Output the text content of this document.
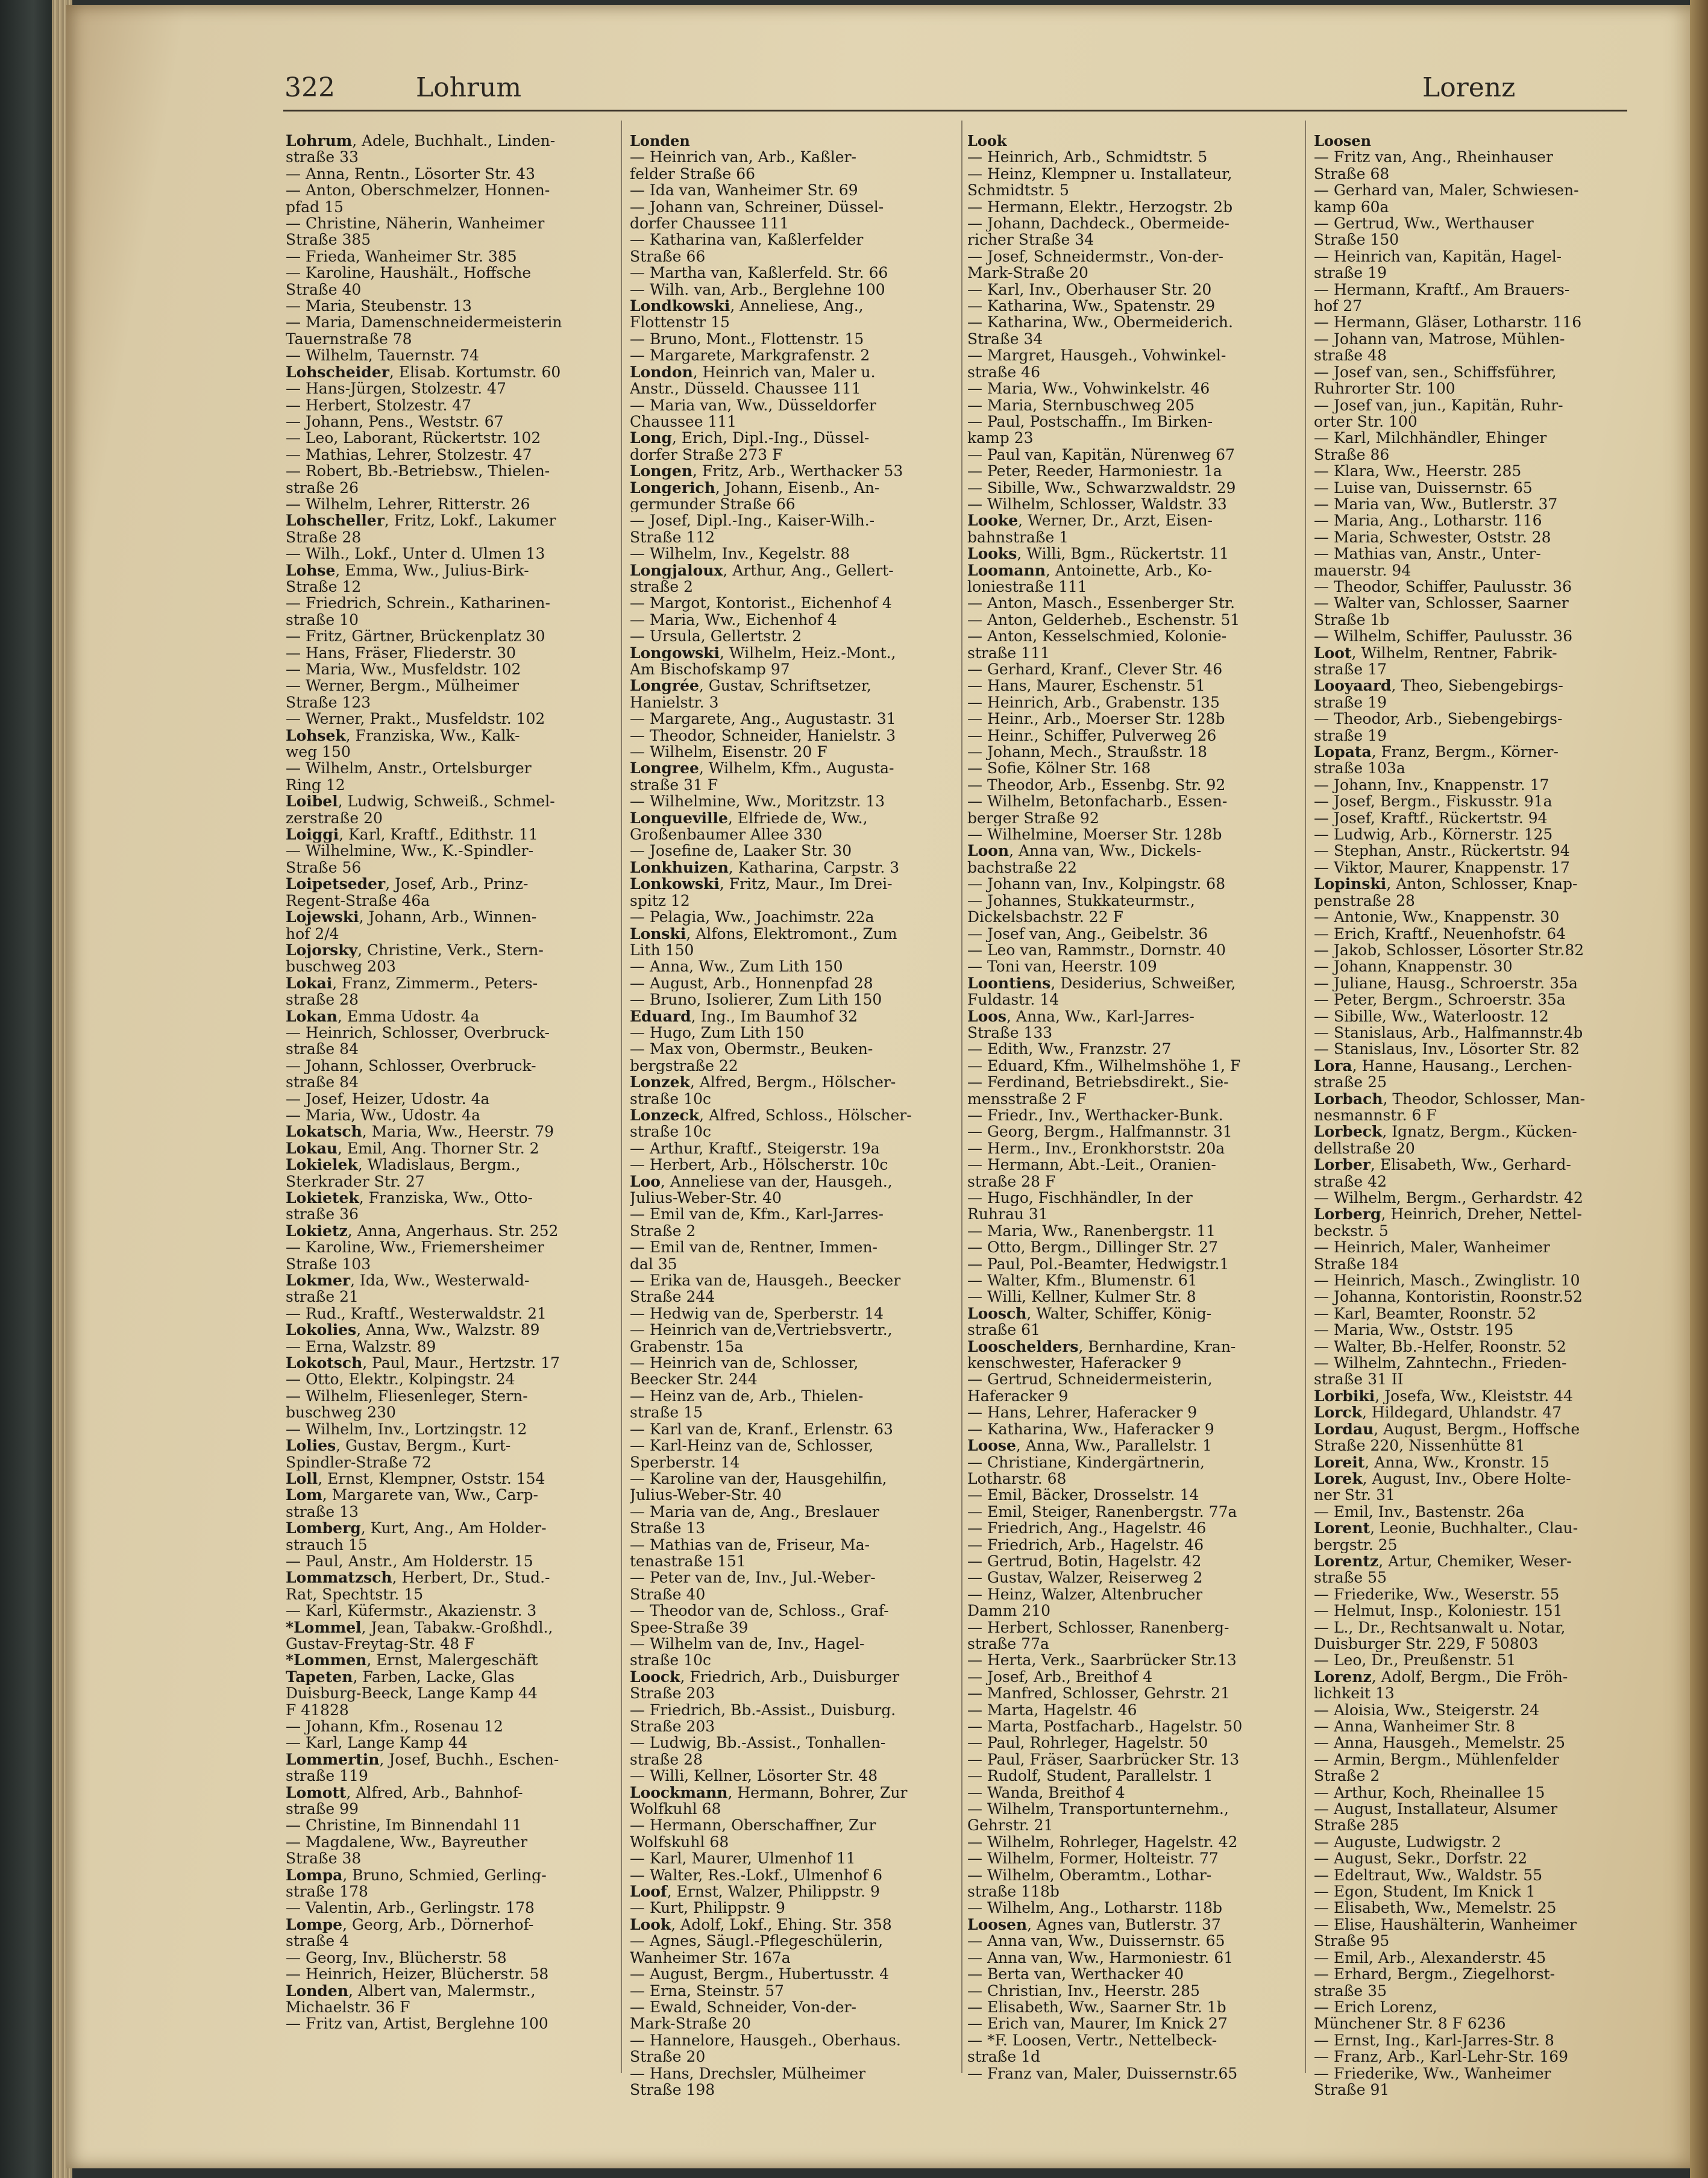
322	Lohrum	Lorenz
Lohrum, Adele, Buchhalt., Linden-
straße 33
— Anna, Rentn., Lösorter Str. 43
— Anton, Oberschmelzer, Honnen-
pfad 15
— Christine, Näherin, Wanheimer
Straße 385
— Frieda, Wanheimer Str. 385
— Karoline, Haushält., Hoffsche
Straße 40
— Maria, Steubenstr. 13
— Maria, Damenschneidermeisterin
Tauernstraße 78
— Wilhelm, Tauernstr. 74
Lohscheider, Elisab. Kortumstr. 60
— Hans-Jürgen, Stolzestr. 47
— Herbert, Stolzestr. 47
— Johann, Pens., Weststr. 67
— Leo, Laborant, Rückertstr. 102
— Mathias, Lehrer, Stolzestr. 47
— Robert, Bb.-Betriebsw., Thielen-
straße 26
— Wilhelm, Lehrer, Ritterstr. 26
Lohscheller, Fritz, Lokf., Lakumer
Straße 28
— Wilh., Lokf., Unter d. Ulmen 13
Lohse, Emma, Ww., Julius-Birk-
Straße 12
— Friedrich, Schrein., Katharinen-
straße 10
— Fritz, Gärtner, Brückenplatz 30
— Hans, Fräser, Fliederstr. 30
— Maria, Ww., Musfeldstr. 102
— Werner, Bergm., Mülheimer
Straße 123
— Werner, Prakt., Musfeldstr. 102
Lohsek, Franziska, Ww., Kalk-
weg 150
— Wilhelm, Anstr., Ortelsburger
Ring 12
Loibel, Ludwig, Schweiß., Schmel-
zerstraße 20
Loiggi, Karl, Kraftf., Edithstr. 11
— Wilhelmine, Ww., K.-Spindler-
Straße 56
Loipetseder, Josef, Arb., Prinz-
Regent-Straße 46a
Lojewski, Johann, Arb., Winnen-
hof 2/4
Lojorsky, Christine, Verk., Stern-
buschweg 203
Lokai, Franz, Zimmerm., Peters-
straße 28
Lokan, Emma Udostr. 4a
— Heinrich, Schlosser, Overbruck-
straße 84
— Johann, Schlosser, Overbruck-
straße 84
— Josef, Heizer, Udostr. 4a
— Maria, Ww., Udostr. 4a
Lokatsch, Maria, Ww., Heerstr. 79
Lokau, Emil, Ang. Thorner Str. 2
Lokielek, Wladislaus, Bergm.,
Sterkrader Str. 27
Lokietek, Franziska, Ww., Otto-
straße 36
Lokietz, Anna, Angerhaus. Str. 252
— Karoline, Ww., Friemersheimer
Straße 103
Lokmer, Ida, Ww., Westerwald-
straße 21
— Rud., Kraftf., Westerwaldstr. 21
Lokolies, Anna, Ww., Walzstr. 89
— Erna, Walzstr. 89
Lokotsch, Paul, Maur., Hertzstr. 17
— Otto, Elektr., Kolpingstr. 24
— Wilhelm, Fliesenleger, Stern-
buschweg 230
— Wilhelm, Inv., Lortzingstr. 12
Lolies, Gustav, Bergm., Kurt-
Spindler-Straße 72
Loll, Ernst, Klempner, Oststr. 154
Lom, Margarete van, Ww., Carp-
straße 13
Lomberg, Kurt, Ang., Am Holder-
strauch 15
— Paul, Anstr., Am Holderstr. 15
Lommatzsch, Herbert, Dr., Stud.-
Rat, Spechtstr. 15
— Karl, Küfermstr., Akazienstr. 3
*Lommel, Jean, Tabakw.-Großhdl.,
Gustav-Freytag-Str. 48 F
*Lommen, Ernst, Malergeschäft
Tapeten, Farben, Lacke, Glas
Duisburg-Beeck, Lange Kamp 44
F 41828
— Johann, Kfm., Rosenau 12
— Karl, Lange Kamp 44
Lommertin, Josef, Buchh., Eschen-
straße 119
Lomott, Alfred, Arb., Bahnhof-
straße 99
— Christine, Im Binnendahl 11
— Magdalene, Ww., Bayreuther
Straße 38
Lompa, Bruno, Schmied, Gerling-
straße 178
— Valentin, Arb., Gerlingstr. 178
Lompe, Georg, Arb., Dörnerhof-
straße 4
— Georg, Inv., Blücherstr. 58
— Heinrich, Heizer, Blücherstr. 58
Londen, Albert van, Malermstr.,
Michaelstr. 36 F
— Fritz van, Artist, Berglehne 100
Londen
— Heinrich van, Arb., Kaßler-
felder Straße 66
— Ida van, Wanheimer Str. 69
— Johann van, Schreiner, Düssel-
dorfer Chaussee 111
— Katharina van, Kaßlerfelder
Straße 66
— Martha van, Kaßlerfeld. Str. 66
— Wilh. van, Arb., Berglehne 100
Londkowski, Anneliese, Ang.,
Flottenstr 15
— Bruno, Mont., Flottenstr. 15
— Margarete, Markgrafenstr. 2
London, Heinrich van, Maler u.
Anstr., Düsseld. Chaussee 111
— Maria van, Ww., Düsseldorfer
Chaussee 111
Long, Erich, Dipl.-Ing., Düssel-
dorfer Straße 273 F
Longen, Fritz, Arb., Werthacker 53
Longerich, Johann, Eisenb., An-
germunder Straße 66
— Josef, Dipl.-Ing., Kaiser-Wilh.-
Straße 112
— Wilhelm, Inv., Kegelstr. 88
Longjaloux, Arthur, Ang., Gellert-
straße 2
— Margot, Kontorist., Eichenhof 4
— Maria, Ww., Eichenhof 4
— Ursula, Gellertstr. 2
Longowski, Wilhelm, Heiz.-Mont.,
Am Bischofskamp 97
Longrée, Gustav, Schriftsetzer,
Hanielstr. 3
— Margarete, Ang., Augustastr. 31
— Theodor, Schneider, Hanielstr. 3
— Wilhelm, Eisenstr. 20 F
Longree, Wilhelm, Kfm., Augusta-
straße 31 F
— Wilhelmine, Ww., Moritzstr. 13
Longueville, Elfriede de, Ww.,
Großenbaumer Allee 330
— Josefine de, Laaker Str. 30
Lonkhuizen, Katharina, Carpstr. 3
Lonkowski, Fritz, Maur., Im Drei-
spitz 12
— Pelagia, Ww., Joachimstr. 22a
Lonski, Alfons, Elektromont., Zum
Lith 150
— Anna, Ww., Zum Lith 150
— August, Arb., Honnenpfad 28
— Bruno, Isolierer, Zum Lith 150
Eduard, Ing., Im Baumhof 32
— Hugo, Zum Lith 150
— Max von, Obermstr., Beuken-
bergstraße 22
Lonzek, Alfred, Bergm., Hölscher-
straße 10c
Lonzeck, Alfred, Schloss., Hölscher-
straße 10c
— Arthur, Kraftf., Steigerstr. 19a
— Herbert, Arb., Hölscherstr. 10c
Loo, Anneliese van der, Hausgeh.,
Julius-Weber-Str. 40
— Emil van de, Kfm., Karl-Jarres-
Straße 2
— Emil van de, Rentner, Immen-
dal 35
— Erika van de, Hausgeh., Beecker
Straße 244
— Hedwig van de, Sperberstr. 14
— Heinrich van de,Vertriebsvertr.,
Grabenstr. 15a
— Heinrich van de, Schlosser,
Beecker Str. 244
— Heinz van de, Arb., Thielen-
straße 15
— Karl van de, Kranf., Erlenstr. 63
— Karl-Heinz van de, Schlosser,
Sperberstr. 14
— Karoline van der, Hausgehilfin,
Julius-Weber-Str. 40
— Maria van de, Ang., Breslauer
Straße 13
— Mathias van de, Friseur, Ma-
tenastraße 151
— Peter van de, Inv., Jul.-Weber-
Straße 40
— Theodor van de, Schloss., Graf-
Spee-Straße 39
— Wilhelm van de, Inv., Hagel-
straße 10c
Loock, Friedrich, Arb., Duisburger
Straße 203
— Friedrich, Bb.-Assist., Duisburg.
Straße 203
— Ludwig, Bb.-Assist., Tonhallen-
straße 28
— Willi, Kellner, Lösorter Str. 48
Loockmann, Hermann, Bohrer, Zur
Wolfkuhl 68
— Hermann, Oberschaffner, Zur
Wolfskuhl 68
— Karl, Maurer, Ulmenhof 11
— Walter, Res.-Lokf., Ulmenhof 6
Loof, Ernst, Walzer, Philippstr. 9
— Kurt, Philippstr. 9
Look, Adolf, Lokf., Ehing. Str. 358
— Agnes, Säugl.-Pflegeschülerin,
Wanheimer Str. 167a
— August, Bergm., Hubertusstr. 4
— Erna, Steinstr. 57
— Ewald, Schneider, Von-der-
Mark-Straße 20
— Hannelore, Hausgeh., Oberhaus.
Straße 20
— Hans, Drechsler, Mülheimer
Straße 198
Look
— Heinrich, Arb., Schmidtstr. 5
— Heinz, Klempner u. Installateur,
Schmidtstr. 5
— Hermann, Elektr., Herzogstr. 2b
— Johann, Dachdeck., Obermeide-
richer Straße 34
— Josef, Schneidermstr., Von-der-
Mark-Straße 20
— Karl, Inv., Oberhauser Str. 20
— Katharina, Ww., Spatenstr. 29
— Katharina, Ww., Obermeiderich.
Straße 34
— Margret, Hausgeh., Vohwinkel-
straße 46
— Maria, Ww., Vohwinkelstr. 46
— Maria, Sternbuschweg 205
— Paul, Postschaffn., Im Birken-
kamp 23
— Paul van, Kapitän, Nürenweg 67
— Peter, Reeder, Harmoniestr. 1a
— Sibille, Ww., Schwarzwaldstr. 29
— Wilhelm, Schlosser, Waldstr. 33
Looke, Werner, Dr., Arzt, Eisen-
bahnstraße 1
Looks, Willi, Bgm., Rückertstr. 11
Loomann, Antoinette, Arb., Ko-
loniestraße 111
— Anton, Masch., Essenberger Str.
— Anton, Gelderheb., Eschenstr. 51
— Anton, Kesselschmied, Kolonie-
straße 111
— Gerhard, Kranf., Clever Str. 46
— Hans, Maurer, Eschenstr. 51
— Heinrich, Arb., Grabenstr. 135
— Heinr., Arb., Moerser Str. 128b
— Heinr., Schiffer, Pulverweg 26
— Johann, Mech., Straußstr. 18
— Sofie, Kölner Str. 168
— Theodor, Arb., Essenbg. Str. 92
— Wilhelm, Betonfacharb., Essen-
berger Straße 92
— Wilhelmine, Moerser Str. 128b
Loon, Anna van, Ww., Dickels-
bachstraße 22
— Johann van, Inv., Kolpingstr. 68
— Johannes, Stukkateurmstr.,
Dickelsbachstr. 22 F
— Josef van, Ang., Geibelstr. 36
— Leo van, Rammstr., Dornstr. 40
— Toni van, Heerstr. 109
Loontiens, Desiderius, Schweißer,
Fuldastr. 14
Loos, Anna, Ww., Karl-Jarres-
Straße 133
— Edith, Ww., Franzstr. 27
— Eduard, Kfm., Wilhelmshöhe 1, F
— Ferdinand, Betriebsdirekt., Sie-
mensstraße 2 F
— Friedr., Inv., Werthacker-Bunk.
— Georg, Bergm., Halfmannstr. 31
— Herm., Inv., Eronkhorststr. 20a
— Hermann, Abt.-Leit., Oranien-
straße 28 F
— Hugo, Fischhändler, In der
Ruhrau 31
— Maria, Ww., Ranenbergstr. 11
— Otto, Bergm., Dillinger Str. 27
— Paul, Pol.-Beamter, Hedwigstr.1
— Walter, Kfm., Blumenstr. 61
— Willi, Kellner, Kulmer Str. 8
Loosch, Walter, Schiffer, König-
straße 61
Looschelders, Bernhardine, Kran-
kenschwester, Haferacker 9
— Gertrud, Schneidermeisterin,
Haferacker 9
— Hans, Lehrer, Haferacker 9
— Katharina, Ww., Haferacker 9
Loose, Anna, Ww., Parallelstr. 1
— Christiane, Kindergärtnerin,
Lotharstr. 68
— Emil, Bäcker, Drosselstr. 14
— Emil, Steiger, Ranenbergstr. 77a
— Friedrich, Ang., Hagelstr. 46
— Friedrich, Arb., Hagelstr. 46
— Gertrud, Botin, Hagelstr. 42
— Gustav, Walzer, Reiserweg 2
— Heinz, Walzer, Altenbrucher
Damm 210
— Herbert, Schlosser, Ranenberg-
straße 77a
— Herta, Verk., Saarbrücker Str.13
— Josef, Arb., Breithof 4
— Manfred, Schlosser, Gehrstr. 21
— Marta, Hagelstr. 46
— Marta, Postfacharb., Hagelstr. 50
— Paul, Rohrleger, Hagelstr. 50
— Paul, Fräser, Saarbrücker Str. 13
— Rudolf, Student, Parallelstr. 1
— Wanda, Breithof 4
— Wilhelm, Transportunternehm.,
Gehrstr. 21
— Wilhelm, Rohrleger, Hagelstr. 42
— Wilhelm, Former, Holteistr. 77
— Wilhelm, Oberamtm., Lothar-
straße 118b
— Wilhelm, Ang., Lotharstr. 118b
Loosen, Agnes van, Butlerstr. 37
— Anna van, Ww., Duissernstr. 65
— Anna van, Ww., Harmoniestr. 61
— Berta van, Werthacker 40
— Christian, Inv., Heerstr. 285
— Elisabeth, Ww., Saarner Str. 1b
— Erich van, Maurer, Im Knick 27
— *F. Loosen, Vertr., Nettelbeck-
straße 1d
— Franz van, Maler, Duissernstr.65
Loosen
— Fritz van, Ang., Rheinhauser
Straße 68
— Gerhard van, Maler, Schwiesen-
kamp 60a
— Gertrud, Ww., Werthauser
Straße 150
— Heinrich van, Kapitän, Hagel-
straße 19
— Hermann, Kraftf., Am Brauers-
hof 27
— Hermann, Gläser, Lotharstr. 116
— Johann van, Matrose, Mühlen-
straße 48
— Josef van, sen., Schiffsführer,
Ruhrorter Str. 100
— Josef van, jun., Kapitän, Ruhr-
orter Str. 100
— Karl, Milchhändler, Ehinger
Straße 86
— Klara, Ww., Heerstr. 285
— Luise van, Duissernstr. 65
— Maria van, Ww., Butlerstr. 37
— Maria, Ang., Lotharstr. 116
— Maria, Schwester, Oststr. 28
— Mathias van, Anstr., Unter-
mauerstr. 94
— Theodor, Schiffer, Paulusstr. 36
— Walter van, Schlosser, Saarner
Straße 1b
— Wilhelm, Schiffer, Paulusstr. 36
Loot, Wilhelm, Rentner, Fabrik-
straße 17
Looyaard, Theo, Siebengebirgs-
straße 19
— Theodor, Arb., Siebengebirgs-
straße 19
Lopata, Franz, Bergm., Körner-
straße 103a
— Johann, Inv., Knappenstr. 17
— Josef, Bergm., Fiskusstr. 91a
— Josef, Kraftf., Rückertstr. 94
— Ludwig, Arb., Körnerstr. 125
— Stephan, Anstr., Rückertstr. 94
— Viktor, Maurer, Knappenstr. 17
Lopinski, Anton, Schlosser, Knap-
penstraße 28
— Antonie, Ww., Knappenstr. 30
— Erich, Kraftf., Neuenhofstr. 64
— Jakob, Schlosser, Lösorter Str.82
— Johann, Knappenstr. 30
— Juliane, Hausg., Schroerstr. 35a
— Peter, Bergm., Schroerstr. 35a
— Sibille, Ww., Waterloostr. 12
— Stanislaus, Arb., Halfmannstr.4b
— Stanislaus, Inv., Lösorter Str. 82
Lora, Hanne, Hausang., Lerchen-
straße 25
Lorbach, Theodor, Schlosser, Man-
nesmannstr. 6 F
Lorbeck, Ignatz, Bergm., Kücken-
dellstraße 20
Lorber, Elisabeth, Ww., Gerhard-
straße 42
— Wilhelm, Bergm., Gerhardstr. 42
Lorberg, Heinrich, Dreher, Nettel-
beckstr. 5
— Heinrich, Maler, Wanheimer
Straße 184
— Heinrich, Masch., Zwinglistr. 10
— Johanna, Kontoristin, Roonstr.52
— Karl, Beamter, Roonstr. 52
— Maria, Ww., Oststr. 195
— Walter, Bb.-Helfer, Roonstr. 52
— Wilhelm, Zahntechn., Frieden-
straße 31 II
Lorbiki, Josefa, Ww., Kleiststr. 44
Lorck, Hildegard, Uhlandstr. 47
Lordau, August, Bergm., Hoffsche
Straße 220, Nissenhütte 81
Loreit, Anna, Ww., Kronstr. 15
Lorek, August, Inv., Obere Holte-
ner Str. 31
— Emil, Inv., Bastenstr. 26a
Lorent, Leonie, Buchhalter., Clau-
bergstr. 25
Lorentz, Artur, Chemiker, Weser-
straße 55
— Friederike, Ww., Weserstr. 55
— Helmut, Insp., Koloniestr. 151
— L., Dr., Rechtsanwalt u. Notar,
Duisburger Str. 229, F 50803
— Leo, Dr., Preußenstr. 51
Lorenz, Adolf, Bergm., Die Fröh-
lichkeit 13
— Aloisia, Ww., Steigerstr. 24
— Anna, Wanheimer Str. 8
— Anna, Hausgeh., Memelstr. 25
— Armin, Bergm., Mühlenfelder
Straße 2
— Arthur, Koch, Rheinallee 15
— August, Installateur, Alsumer
Straße 285
— Auguste, Ludwigstr. 2
— August, Sekr., Dorfstr. 22
— Edeltraut, Ww., Waldstr. 55
— Egon, Student, Im Knick 1
— Elisabeth, Ww., Memelstr. 25
— Elise, Haushälterin, Wanheimer
Straße 95
— Emil, Arb., Alexanderstr. 45
— Erhard, Bergm., Ziegelhorst-
straße 35
— Erich Lorenz,
Münchener Str. 8 F 6236
— Ernst, Ing., Karl-Jarres-Str. 8
— Franz, Arb., Karl-Lehr-Str. 169
— Friederike, Ww., Wanheimer
Straße 91
